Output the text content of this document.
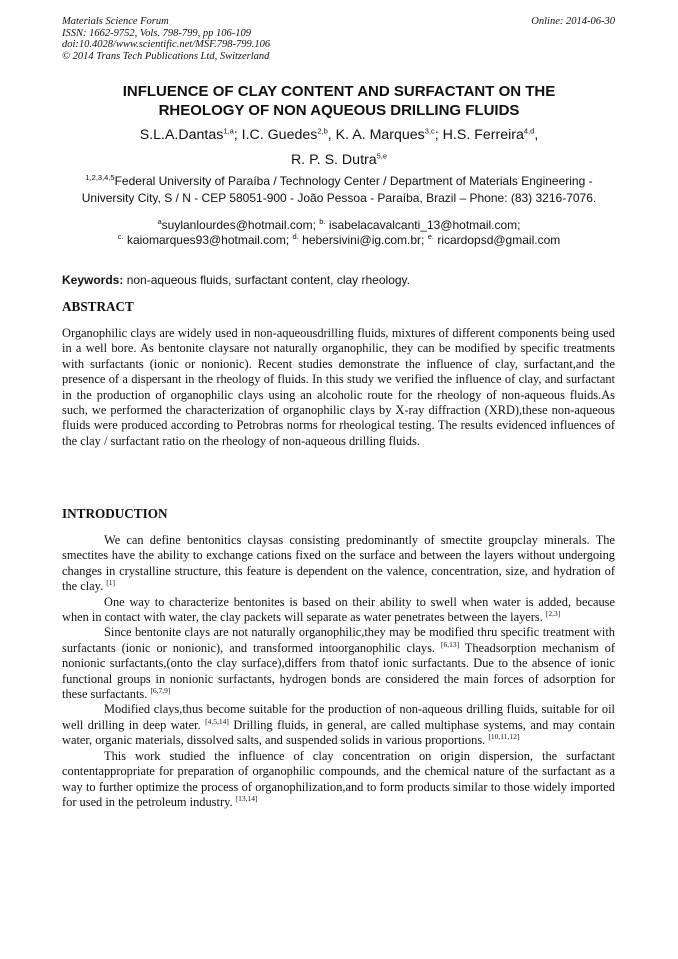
Materials Science Forum
ISSN: 1662-9752, Vols. 798-799, pp 106-109
doi:10.4028/www.scientific.net/MSF.798-799.106
© 2014 Trans Tech Publications Ltd, Switzerland
Online: 2014-06-30
INFLUENCE OF CLAY CONTENT AND SURFACTANT ON THE
RHEOLOGY OF NON AQUEOUS DRILLING FLUIDS
S.L.A.Dantas$^{1,a}$; I.C. Guedes$^{2,b}$, K. A. Marques$^{3,c}$; H.S. Ferreira$^{4,d}$,
R. P. S. Dutra$^{5,e}$
$^{1,2,3,4,5}$Federal University of Paraíba / Technology Center / Department of Materials Engineering -
University City, S / N - CEP 58051-900 - João Pessoa - Paraíba, Brazil – Phone: (83) 3216-7076.
$^a$suylanlourdes@hotmail.com; $^{b.}$ isabelacavalcanti_13@hotmail.com;
$^{c.}$ kaiomarques93@hotmail.com; $^{d.}$ hebersivini@ig.com.br; $^{e.}$ ricardopsd@gmail.com
Keywords: non-aqueous fluids, surfactant content, clay rheology.
ABSTRACT

Organophilic clays are widely used in non-aqueousdrilling fluids, mixtures of different components being used in a well bore. As bentonite claysare not naturally organophilic, they can be modified by specific treatments with surfactants (ionic or nonionic). Recent studies demonstrate the influence of clay, surfactant,and the presence of a dispersant in the rheology of fluids. In this study we verified the influence of clay, and surfactant in the production of organophilic clays using an alcoholic route for the rheology of non-aqueous fluids.As such, we performed the characterization of organophilic clays by X-ray diffraction (XRD),these non-aqueous fluids were produced according to Petrobras norms for rheological testing. The results evidenced influences of the clay / surfactant ratio on the rheology of non-aqueous drilling fluids.

INTRODUCTION

We can define bentonitics claysas consisting predominantly of smectite groupclay minerals. The smectites have the ability to exchange cations fixed on the surface and between the layers without undergoing changes in crystalline structure, this feature is dependent on the valence, concentration, size, and hydration of the clay. [1]

One way to characterize bentonites is based on their ability to swell when water is added, because when in contact with water, the clay packets will separate as water penetrates between the layers. [2,3]

Since bentonite clays are not naturally organophilic,they may be modified thru specific treatment with surfactants (ionic or nonionic), and transformed intoorganophilic clays. [6,13] Theadsorption mechanism of nonionic surfactants,(onto the clay surface),differs from thatof ionic surfactants. Due to the absence of ionic functional groups in nonionic surfactants, hydrogen bonds are considered the main forces of adsorption for these surfactants. [6,7,9]

Modified clays,thus become suitable for the production of non-aqueous drilling fluids, suitable for oil well drilling in deep water. [4,5,14] Drilling fluids, in general, are called multiphase systems, and may contain water, organic materials, dissolved salts, and suspended solids in various proportions. [10,11,12]

This work studied the influence of clay concentration on origin dispersion, the surfactant contentappropriate for preparation of organophilic compounds, and the chemical nature of the surfactant as a way to further optimize the process of organophilization,and to form products similar to those widely imported for used in the petroleum industry. [13,14]
